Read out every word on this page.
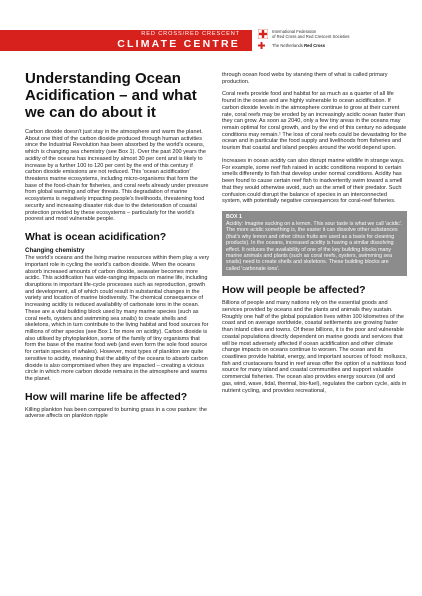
RED CROSS/RED CRESCENT
CLIMATE CENTRE
International Federation
of Red Cross and Red Crescent Societies
The Netherlands Red Cross
Understanding Ocean Acidification – and what we can do about it

Carbon dioxide doesn't just stay in the atmosphere and warm the planet. About one third of the carbon dioxide produced through human activities since the Industrial Revolution has been absorbed by the world's oceans, which is changing sea chemistry (see Box 1). Over the past 200 years the acidity of the oceans has increased by almost 30 per cent and is likely to increase by a further 100 to 120 per cent by the end of this century if carbon dioxide emissions are not reduced. This 'ocean acidification' threatens marine ecosystems, including micro-organisms that form the base of the food-chain for fisheries, and coral reefs already under pressure from global warming and other threats. This degradation of marine ecosystems is negatively impacting people's livelihoods, threatening food security and increasing disaster risk due to the deterioration of coastal protection provided by these ecosystems – particularly for the world's poorest and most vulnerable people.

What is ocean acidification?
Changing chemistry

The world's oceans and the living marine resources within them play a very important role in cycling the world's carbon dioxide. When the oceans absorb increased amounts of carbon dioxide, seawater becomes more acidic. This acidification has wide-ranging impacts on marine life, including disruptions in important life-cycle processes such as reproduction, growth and development, all of which could result in substantial changes in the variety and location of marine biodiversity. The chemical consequence of increasing acidity is reduced availability of carbonate ions in the ocean. These are a vital building block used by many marine species (such as coral reefs, oysters and swimming sea snails) to create shells and skeletons, which in turn contribute to the living habitat and food sources for millions of other species (see Box 1 for more on acidity). Carbon dioxide is also utilised by phytoplankton, some of the family of tiny organisms that form the base of the marine food web (and even form the sole food source for certain species of whales). However, most types of plankton are quite sensitive to acidity, meaning that the ability of the oceans to absorb carbon dioxide is also compromised when they are impacted – creating a vicious circle in which more carbon dioxide remains in the atmosphere and warms the planet.

How will marine life be affected?

Killing plankton has been compared to burning grass in a cow pasture: the adverse affects on plankton ripple

through ocean food webs by starving them of what is called primary production.

Coral reefs provide food and habitat for as much as a quarter of all life found in the ocean and are highly vulnerable to ocean acidification. If carbon dioxide levels in the atmosphere continue to grow at their current rate, coral reefs may be eroded by an increasingly acidic ocean faster than they can grow. As soon as 2040, only a few tiny areas in the oceans may remain optimal for coral growth, and by the end of this century no adequate conditions may remain.¹ The loss of coral reefs could be devastating for the ocean and in particular the food supply and livelihoods from fisheries and tourism that coastal and island peoples around the world depend upon.

Increases in ocean acidity can also disrupt marine wildlife in strange ways. For example, some reef fish raised in acidic conditions respond to certain smells differently to fish that develop under normal conditions. Acidity has been found to cause certain reef fish to inadvertently swim toward a smell that they would otherwise avoid, such as the smell of their predator. Such confusion could disrupt the balance of species in an interconnected system, with potentially negative consequences for coral-reef fisheries.

BOX 1
Acidity: Imagine sucking on a lemon. This sour taste is what we call 'acidic'. The more acidic something is, the easier it can dissolve other substances (that's why lemon and other citrus fruits are used as a basis for cleaning products). In the oceans, increased acidity is having a similar dissolving effect. It reduces the availability of one of the key building blocks many marine animals and plants (such as coral reefs, oysters, swimming sea snails) need to create shells and skeletons. These building blocks are called 'carbonate ions'.
How will people be affected?

Billions of people and many nations rely on the essential goods and services provided by oceans and the plants and animals they sustain. Roughly one half of the global population lives within 100 kilometres of the coast and on average worldwide, coastal settlements are growing faster than inland cities and towns. Of these billions, it is the poor and vulnerable coastal populations directly dependent on marine goods and services that will be most adversely affected if ocean acidification and other climate change impacts on oceans continue to worsen. The ocean and its coastlines provide habitat, energy, and important sources of food: molluscs, fish and crustaceans found in reef areas offer the option of a nutritious food source for many island and coastal communities and support valuable commercial fisheries. The ocean also provides energy sources (oil and gas, wind, wave, tidal, thermal, bio-fuel), regulates the carbon cycle, aids in nutrient cycling, and provides recreational,
